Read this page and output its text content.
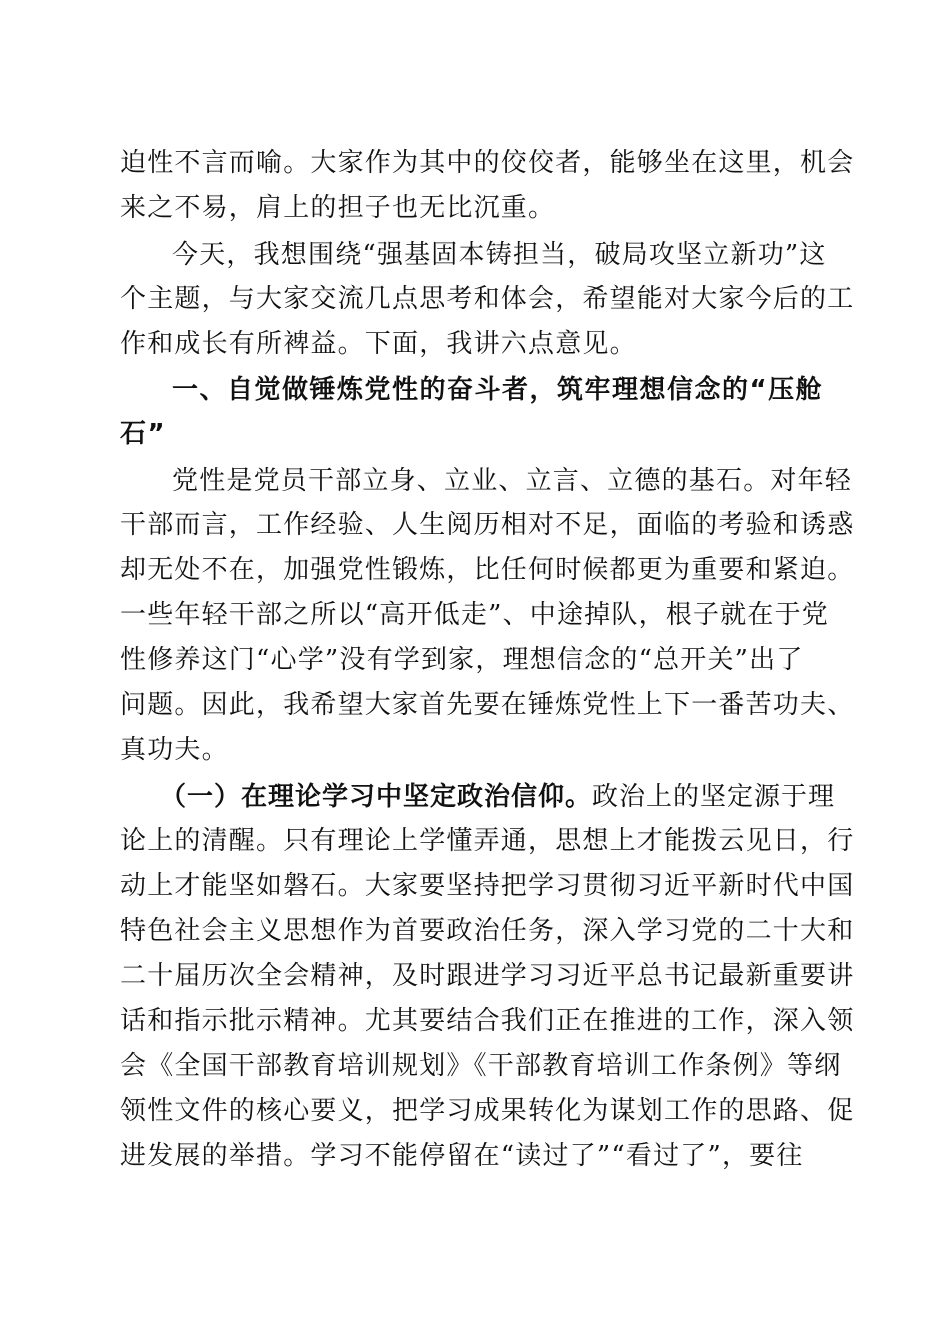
迫性不言而喻。大家作为其中的佼佼者，能够坐在这里，机会
来之不易，肩上的担子也无比沉重。
今天，我想围绕“强基固本铸担当，破局攻坚立新功”这
个主题，与大家交流几点思考和体会，希望能对大家今后的工
作和成长有所裨益。下面，我讲六点意见。
一、自觉做锤炼党性的奋斗者，筑牢理想信念的“压舱
石”
党性是党员干部立身、立业、立言、立德的基石。对年轻
干部而言，工作经验、人生阅历相对不足，面临的考验和诱惑
却无处不在，加强党性锻炼，比任何时候都更为重要和紧迫。
一些年轻干部之所以“高开低走”、中途掉队，根子就在于党
性修养这门“心学”没有学到家，理想信念的“总开关”出了
问题。因此，我希望大家首先要在锤炼党性上下一番苦功夫、
真功夫。
（一）在理论学习中坚定政治信仰。政治上的坚定源于理
论上的清醒。只有理论上学懂弄通，思想上才能拨云见日，行
动上才能坚如磐石。大家要坚持把学习贯彻习近平新时代中国
特色社会主义思想作为首要政治任务，深入学习党的二十大和
二十届历次全会精神，及时跟进学习习近平总书记最新重要讲
话和指示批示精神。尤其要结合我们正在推进的工作，深入领
会《全国干部教育培训规划》《干部教育培训工作条例》等纲
领性文件的核心要义，把学习成果转化为谋划工作的思路、促
进发展的举措。学习不能停留在“读过了”“看过了”，要往
